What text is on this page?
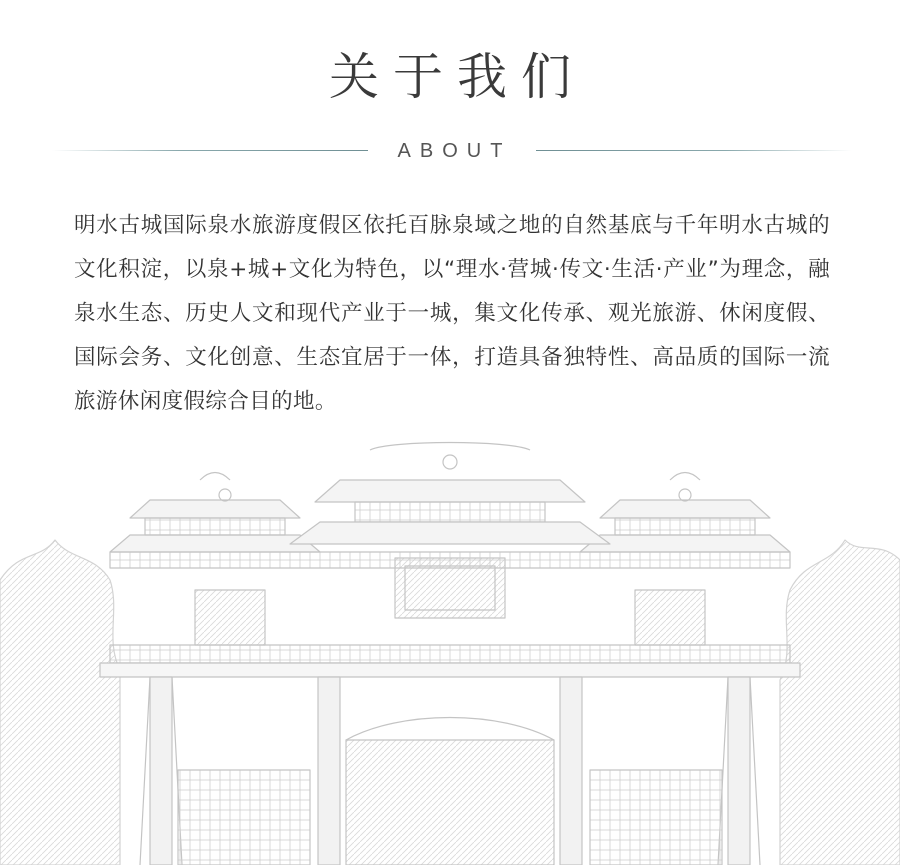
关于我们
ABOUT
明水古城国际泉水旅游度假区依托百脉泉域之地的自然基底与千年明水古城的文化积淀，以泉+城+文化为特色，以“理水·营城·传文·生活·产业”为理念，融泉水生态、历史人文和现代产业于一城，集文化传承、观光旅游、休闲度假、国际会务、文化创意、生态宜居于一体，打造具备独特性、高品质的国际一流旅游休闲度假综合目的地。
